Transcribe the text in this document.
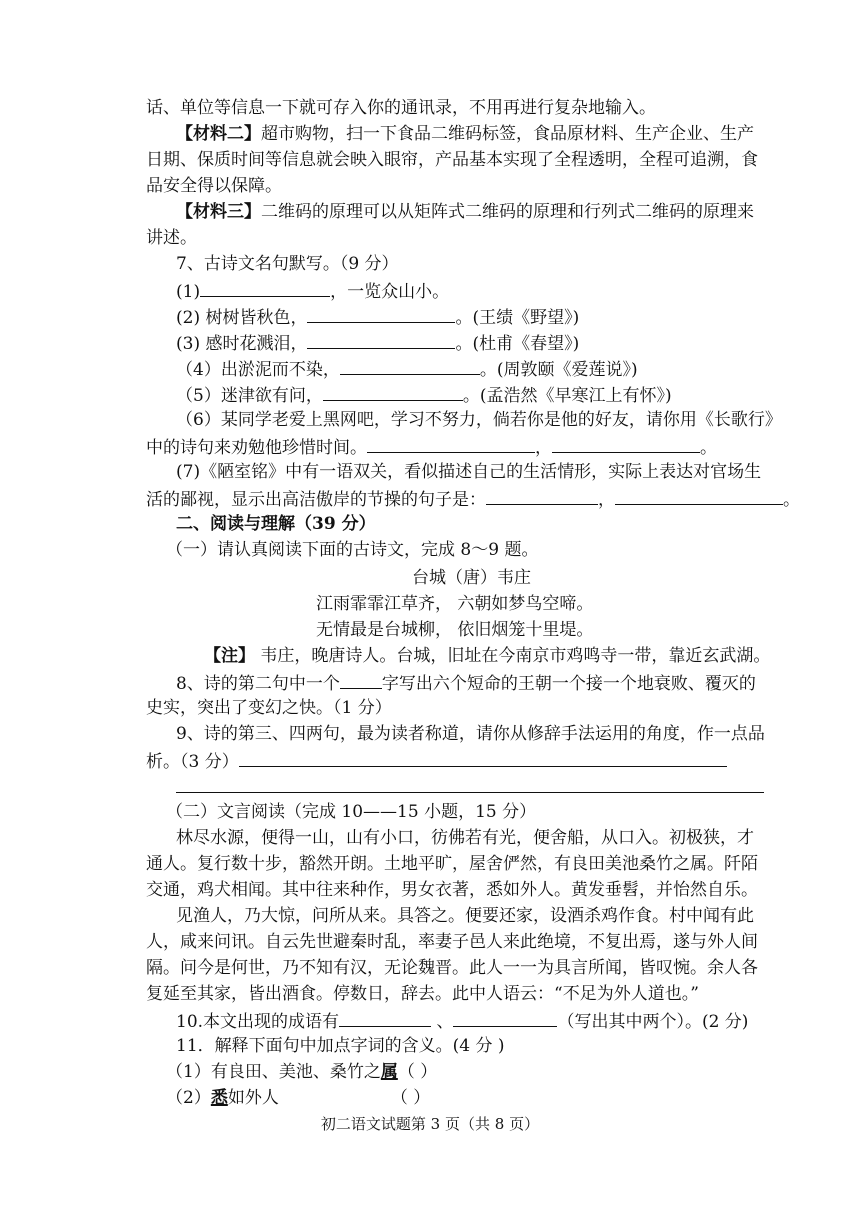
话、单位等信息一下就可存入你的通讯录，不用再进行复杂地输入。
【材料二】超市购物，扫一下食品二维码标签，食品原材料、生产企业、生产
日期、保质时间等信息就会映入眼帘，产品基本实现了全程透明，全程可追溯，食
品安全得以保障。
【材料三】二维码的原理可以从矩阵式二维码的原理和行列式二维码的原理来
讲述。
7、古诗文名句默写。（9 分）
(1)	，一览众山小。
(2) 树树皆秋色，	。(王绩《野望》)
(3) 感时花溅泪，	。(杜甫《春望》)
（4）出淤泥而不染，	。(周敦颐《爱莲说》)
（5）迷津欲有问，	。(孟浩然《早寒江上有怀》)
（6）某同学老爱上黑网吧，学习不努力，倘若你是他的好友，请你用《长歌行》
中的诗句来劝勉他珍惜时间。	，	。
(7)《陋室铭》中有一语双关，看似描述自己的生活情形，实际上表达对官场生
活的鄙视，显示出高洁傲岸的节操的句子是：	，	。
二、阅读与理解（39 分）
（一）请认真阅读下面的古诗文，完成 8～9 题。
台城（唐）韦庄
江雨霏霏江草齐， 六朝如梦鸟空啼。
无情最是台城柳， 依旧烟笼十里堤。
【注】 韦庄，晚唐诗人。台城，旧址在今南京市鸡鸣寺一带，靠近玄武湖。
8、诗的第二句中一个 字写出六个短命的王朝一个接一个地衰败、覆灭的
史实，突出了变幻之快。（1 分）
9、诗的第三、四两句，最为读者称道，请你从修辞手法运用的角度，作一点品
析。（3 分）
（二）文言阅读（完成 10——15 小题，15 分）
林尽水源，便得一山，山有小口，彷佛若有光，便舍船，从口入。初极狭，才
通人。复行数十步，豁然开朗。土地平旷，屋舍俨然，有良田美池桑竹之属。阡陌
交通，鸡犬相闻。其中往来种作，男女衣著，悉如外人。黄发垂髫，并怡然自乐。
见渔人，乃大惊，问所从来。具答之。便要还家，设酒杀鸡作食。村中闻有此
人，咸来问讯。自云先世避秦时乱，率妻子邑人来此绝境，不复出焉，遂与外人间
隔。问今是何世，乃不知有汉，无论魏晋。此人一一为具言所闻，皆叹惋。余人各
复延至其家，皆出酒食。停数日，辞去。此中人语云：“不足为外人道也。”
10.本文出现的成语有	、	（写出其中两个）。(2 分)
11．解释下面句中加点字词的含义。(4 分 )
（1）有良田、美池、桑竹之属（ ）
（2）悉如外人	（ ）
初二语文试题第 3 页（共 8 页）
